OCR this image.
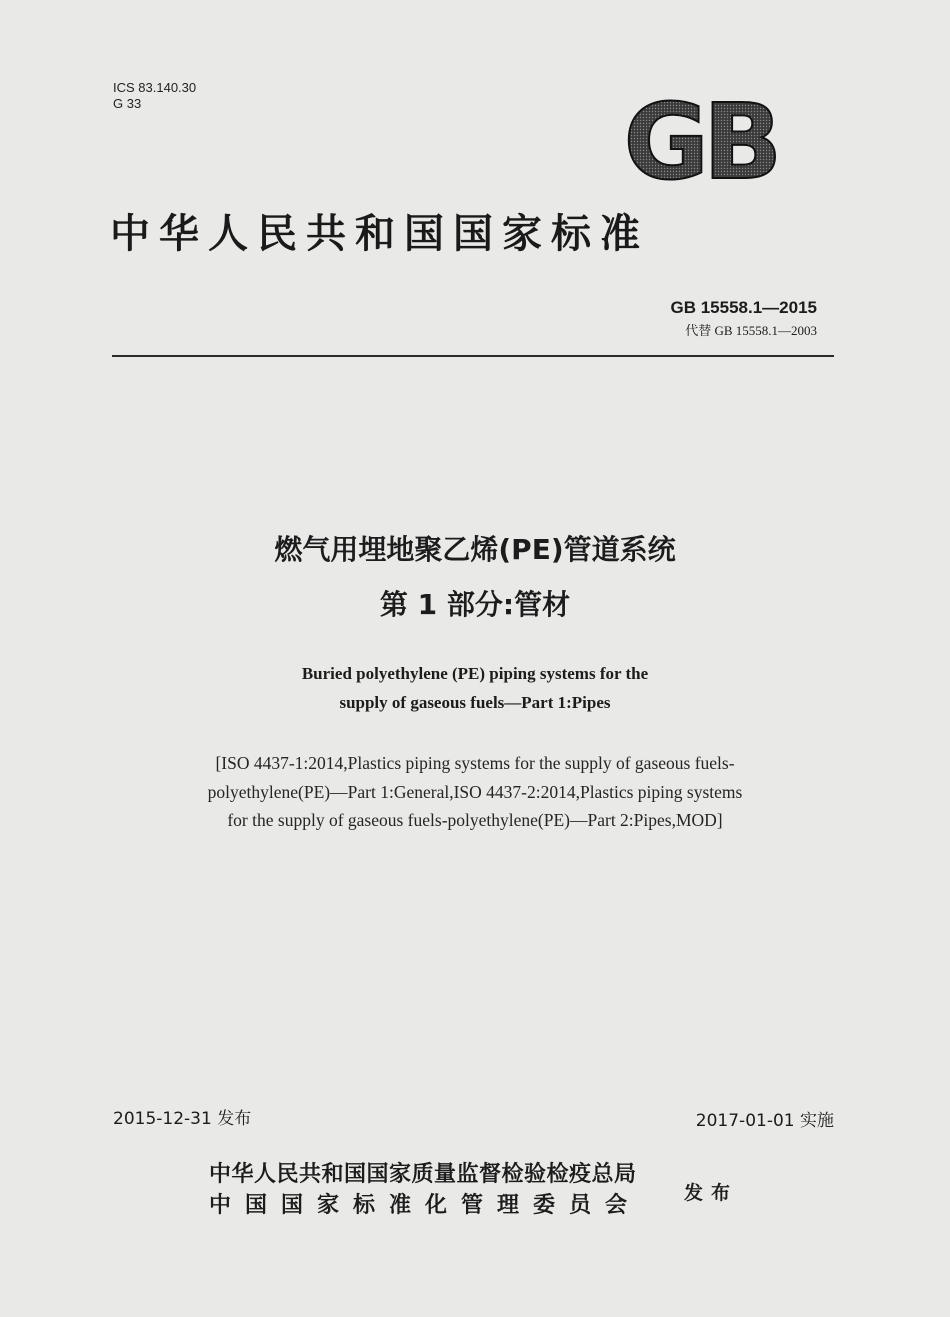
ICS 83.140.30
G 33	GB
中华人民共和国国家标准
GB 15558.1—2015
代替 GB 15558.1—2003
燃气用埋地聚乙烯(PE)管道系统
第 1 部分:管材
Buried polyethylene (PE) piping systems for the
supply of gaseous fuels—Part 1:Pipes
[ISO 4437-1:2014,Plastics piping systems for the supply of gaseous fuels-
polyethylene(PE)—Part 1:General,ISO 4437-2:2014,Plastics piping systems
for the supply of gaseous fuels-polyethylene(PE)—Part 2:Pipes,MOD]
2015-12-31 发布	2017-01-01 实施
中华人民共和国国家质量监督检验检疫总局
中国国家标准化管理委员会 发布
